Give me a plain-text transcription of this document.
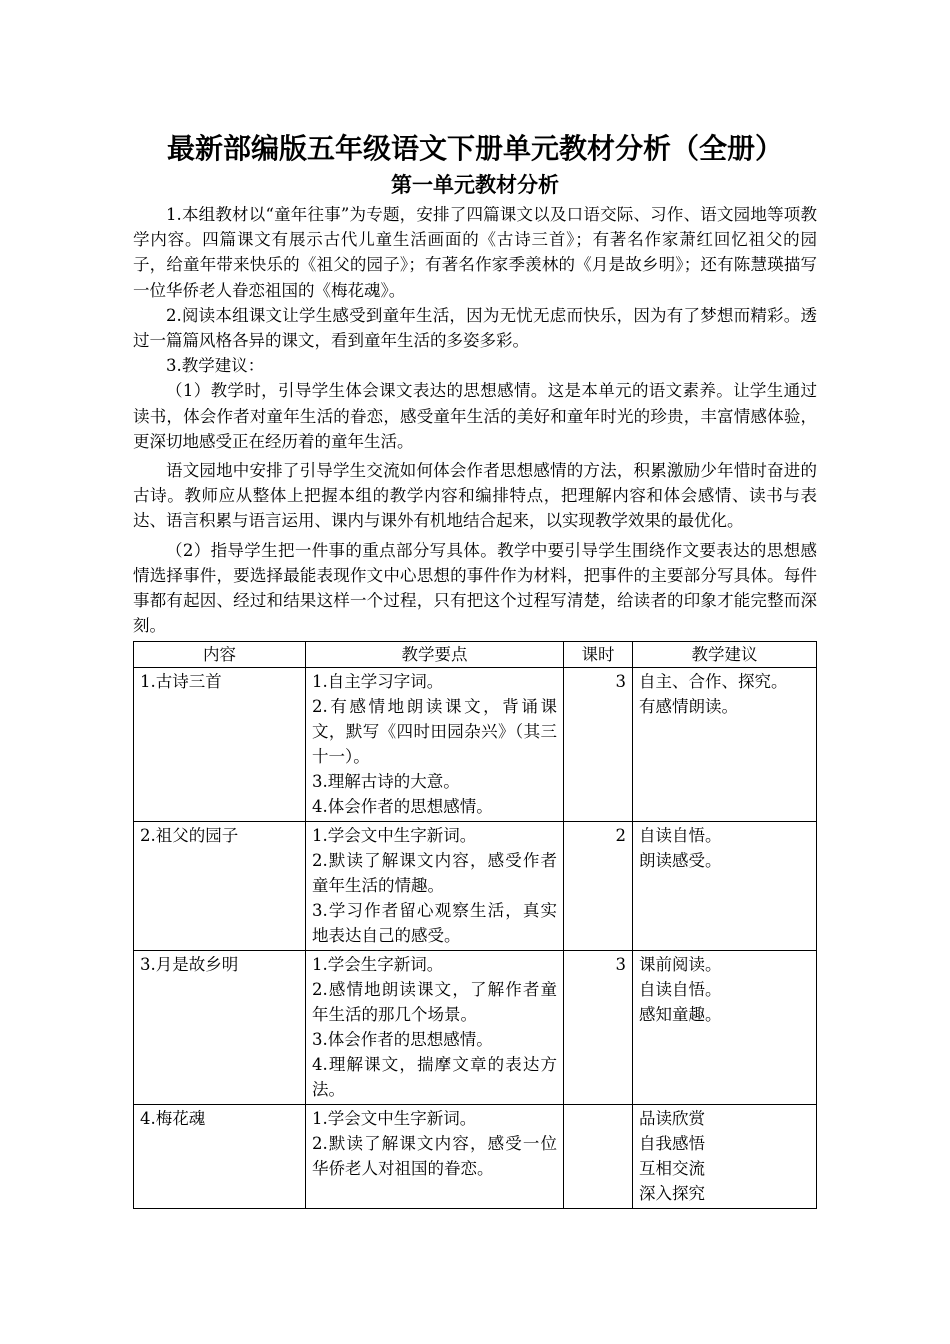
最新部编版五年级语文下册单元教材分析（全册）
第一单元教材分析

1.本组教材以“童年往事”为专题，安排了四篇课文以及口语交际、习作、语文园地等项教学内容。四篇课文有展示古代儿童生活画面的《古诗三首》；有著名作家萧红回忆祖父的园子，给童年带来快乐的《祖父的园子》；有著名作家季羡林的《月是故乡明》；还有陈慧瑛描写一位华侨老人眷恋祖国的《梅花魂》。

2.阅读本组课文让学生感受到童年生活，因为无忧无虑而快乐，因为有了梦想而精彩。透过一篇篇风格各异的课文，看到童年生活的多姿多彩。

3.教学建议：

（1）教学时，引导学生体会课文表达的思想感情。这是本单元的语文素养。让学生通过读书，体会作者对童年生活的眷恋，感受童年生活的美好和童年时光的珍贵，丰富情感体验，更深切地感受正在经历着的童年生活。

语文园地中安排了引导学生交流如何体会作者思想感情的方法，积累激励少年惜时奋进的古诗。教师应从整体上把握本组的教学内容和编排特点，把理解内容和体会感情、读书与表达、语言积累与语言运用、课内与课外有机地结合起来，以实现教学效果的最优化。

（2）指导学生把一件事的重点部分写具体。教学中要引导学生围绕作文要表达的思想感情选择事件，要选择最能表现作文中心思想的事件作为材料，把事件的主要部分写具体。每件事都有起因、经过和结果这样一个过程，只有把这个过程写清楚，给读者的印象才能完整而深刻。

内容	教学要点	课时	教学建议
1.古诗三首	1.自主学习字词。
2.有感情地朗读课文，背诵课文，默写《四时田园杂兴》（其三十一）。
3.理解古诗的大意。
4.体会作者的思想感情。	3	自主、合作、探究。
有感情朗读。

2.祖父的园子	1.学会文中生字新词。
2.默读了解课文内容，感受作者童年生活的情趣。
3.学习作者留心观察生活，真实地表达自己的感受。	2	自读自悟。
朗读感受。

3.月是故乡明	1.学会生字新词。
2.感情地朗读课文，了解作者童年生活的那几个场景。
3.体会作者的思想感情。
4.理解课文，揣摩文章的表达方法。	3	课前阅读。
自读自悟。
感知童趣。

4.梅花魂	1.学会文中生字新词。
2.默读了解课文内容，感受一位华侨老人对祖国的眷恋。		品读欣赏
自我感悟
互相交流
深入探究
